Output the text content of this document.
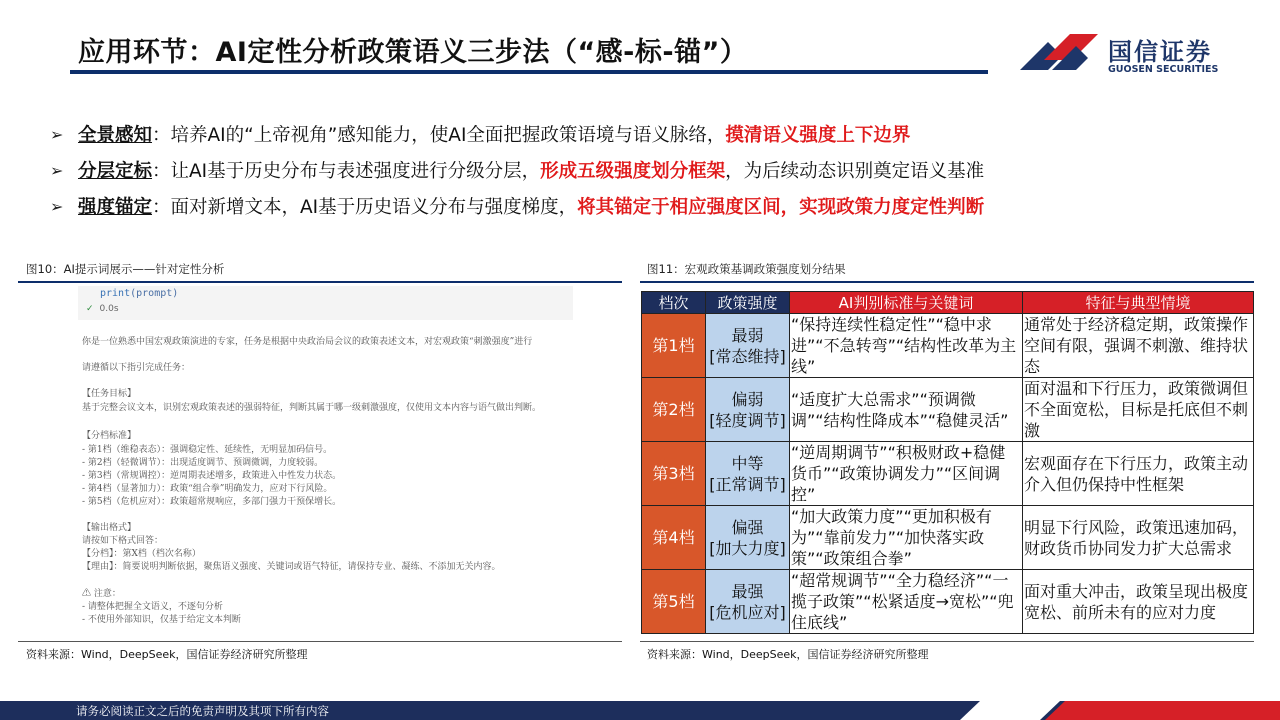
应用环节：AI定性分析政策语义三步法（“感-标-锚”）	国信证券
GUOSEN SECURITIES
➢ 全景感知 ：培养AI的“上帝视角”感知能力，使AI全面把握政策语境与语义脉络， 摸清语义强度上下边界
➢ 分层定标 ：让AI基于历史分布与表述强度进行分级分层， 形成五级强度划分框架 ，为后续动态识别奠定语义基准
➢ 强度锚定 ：面对新增文本，AI基于历史语义分布与强度梯度， 将其锚定于相应强度区间，实现政策力度定性判断
图10：AI提示词展示——针对定性分析
print(prompt)
✓ 0.0s
你是一位熟悉中国宏观政策演进的专家，任务是根据中央政治局会议的政策表述文本，对宏观政策“刺激强度”进行
请遵循以下指引完成任务：
【任务目标】
基于完整会议文本，识别宏观政策表述的强弱特征，判断其属于哪一级刺激强度，仅使用文本内容与语气做出判断。
【分档标准】
- 第1档（维稳表态）：强调稳定性、延续性，无明显加码信号。
- 第2档（轻微调节）：出现适度调节、预调微调，力度较弱。
- 第3档（常规调控）：逆周期表述增多，政策进入中性发力状态。
- 第4档（显著加力）：政策“组合拳”明确发力，应对下行风险。
- 第5档（危机应对）：政策超常规响应，多部门强力干预保增长。
【输出格式】
请按如下格式回答：
【分档】：第X档（档次名称）
【理由】：简要说明判断依据，聚焦语义强度、关键词或语气特征，请保持专业、凝练、不添加无关内容。
⚠ 注意：
- 请整体把握全文语义，不逐句分析
- 不使用外部知识，仅基于给定文本判断
资料来源：Wind，DeepSeek，国信证券经济研究所整理
图11：宏观政策基调政策强度划分结果
档次	政策强度	AI判别标准与关键词	特征与典型情境
第1档	最弱
[常态维持]	“保持连续性稳定性”“稳中求进”“不急转弯”“结构性改革为主线”	通常处于经济稳定期，政策操作空间有限，强调不刺激、维持状态
第2档	偏弱
[轻度调节]	“适度扩大总需求”“预调微调”“结构性降成本”“稳健灵活”	面对温和下行压力，政策微调但不全面宽松，目标是托底但不刺激
第3档	中等
[正常调节]	“逆周期调节”“积极财政+稳健货币”“政策协调发力”“区间调控”	宏观面存在下行压力，政策主动介入但仍保持中性框架
第4档	偏强
[加大力度]	“加大政策力度”“更加积极有为”“靠前发力”“加快落实政策”“政策组合拳”	明显下行风险，政策迅速加码，财政货币协同发力扩大总需求
第5档	最强
[危机应对]	“超常规调节”“全力稳经济”“一揽子政策”“松紧适度→宽松”“兜住底线”	面对重大冲击，政策呈现出极度宽松、前所未有的应对力度
资料来源：Wind，DeepSeek，国信证券经济研究所整理
请务必阅读正文之后的免责声明及其项下所有内容
